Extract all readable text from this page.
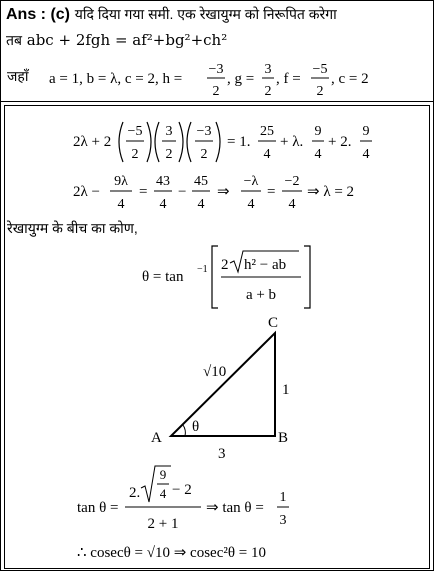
Ans : (c) यदि दिया गया समी. एक रेखायुग्म को निरूपित करेगा
तब abc + 2fgh = af²+bg²+ch²
जहाँ	a = 1, b = λ, c = 2, h =
−3
2
, g =
3
2
, f =
−5
2
, c = 2
2λ + 2
−5
2
3
2
−3
2
= 1.
25
4
+ λ.
9
4
+ 2.
9
4
2λ −
9λ
4
=
43
4
−
45
4
⇒
−λ
4
=
−2
4
⇒ λ = 2
रेखायुग्म के बीच का कोण,
θ = tan −1 2 h² − ab
a + b
A	B
C
√10
1
3
θ
tan θ =
2.
9
4 − 2
2 + 1
⇒ tan θ =
1
3
∴ cosecθ = √10 ⇒ cosec²θ = 10
